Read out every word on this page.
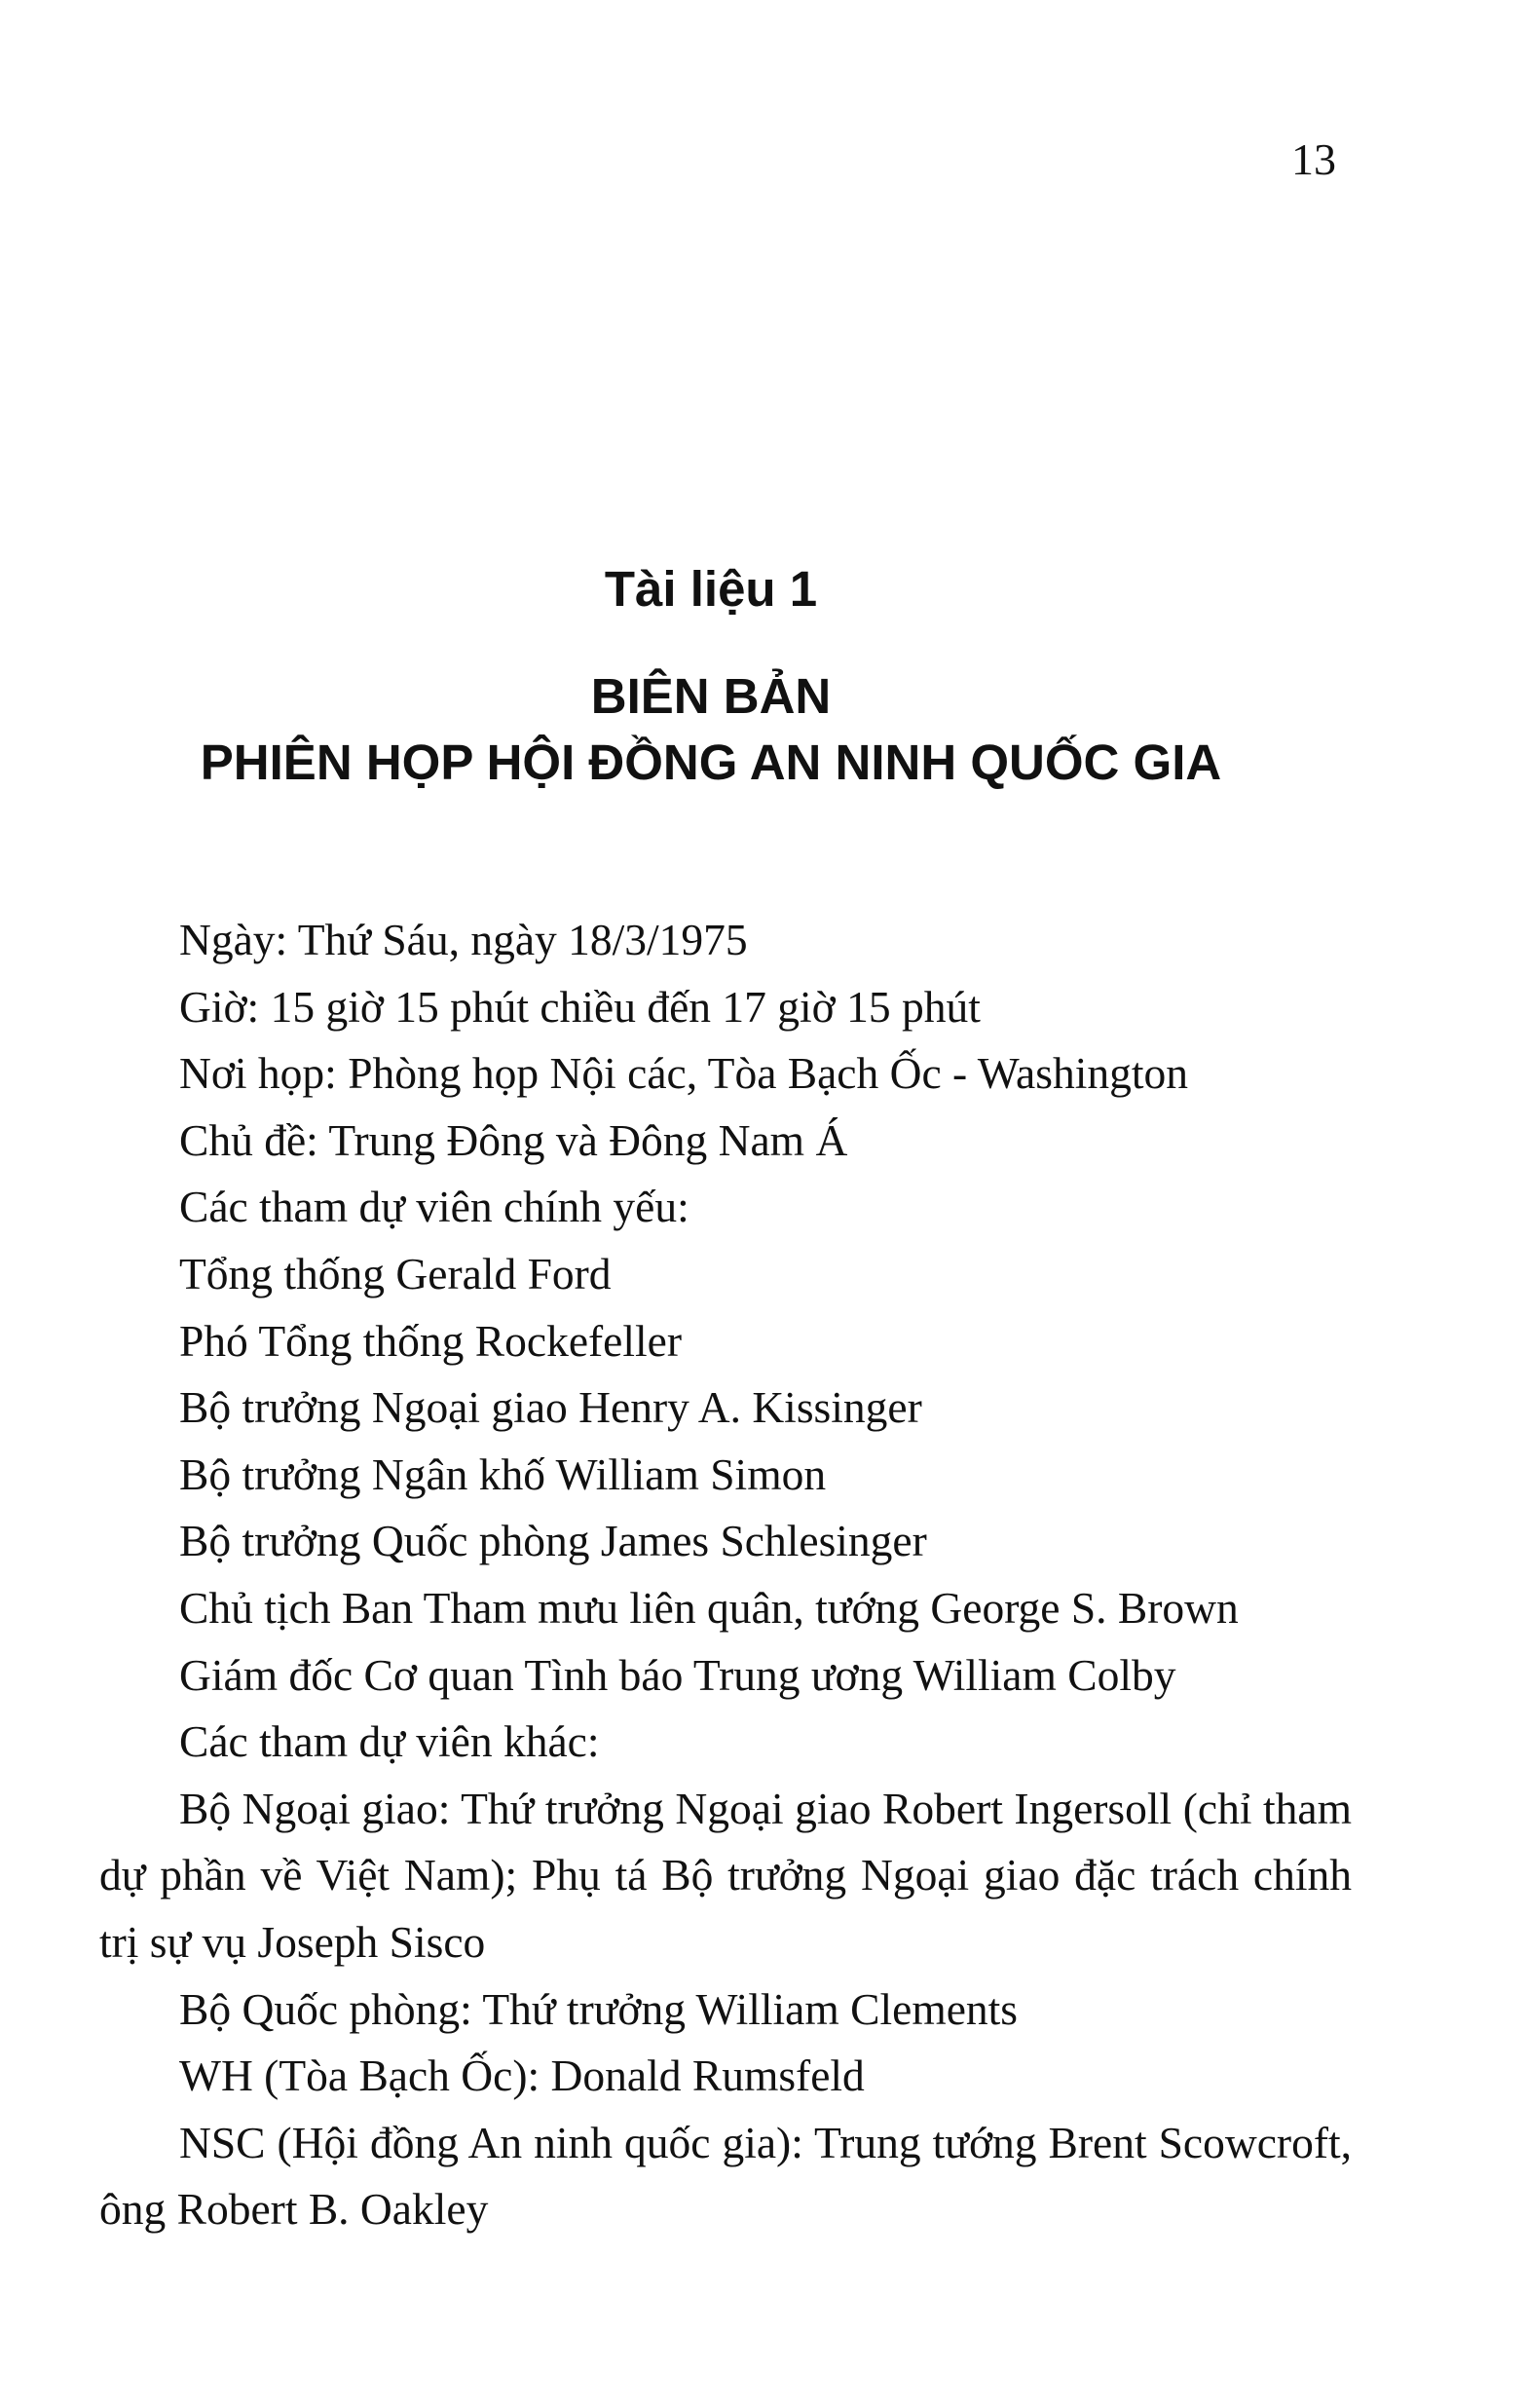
13
Tài liệu 1
BIÊN BẢN
PHIÊN HỌP HỘI ĐỒNG AN NINH QUỐC GIA

Ngày: Thứ Sáu, ngày 18/3/1975

Giờ: 15 giờ 15 phút chiều đến 17 giờ 15 phút

Nơi họp: Phòng họp Nội các, Tòa Bạch Ốc - Washington

Chủ đề: Trung Đông và Đông Nam Á

Các tham dự viên chính yếu:

Tổng thống Gerald Ford

Phó Tổng thống Rockefeller

Bộ trưởng Ngoại giao Henry A. Kissinger

Bộ trưởng Ngân khố William Simon

Bộ trưởng Quốc phòng James Schlesinger

Chủ tịch Ban Tham mưu liên quân, tướng George S. Brown

Giám đốc Cơ quan Tình báo Trung ương William Colby

Các tham dự viên khác:

Bộ Ngoại giao: Thứ trưởng Ngoại giao Robert Ingersoll (chỉ tham dự phần về Việt Nam); Phụ tá Bộ trưởng Ngoại giao đặc trách chính trị sự vụ Joseph Sisco

Bộ Quốc phòng: Thứ trưởng William Clements

WH (Tòa Bạch Ốc): Donald Rumsfeld

NSC (Hội đồng An ninh quốc gia): Trung tướng Brent Scowcroft, ông Robert B. Oakley
